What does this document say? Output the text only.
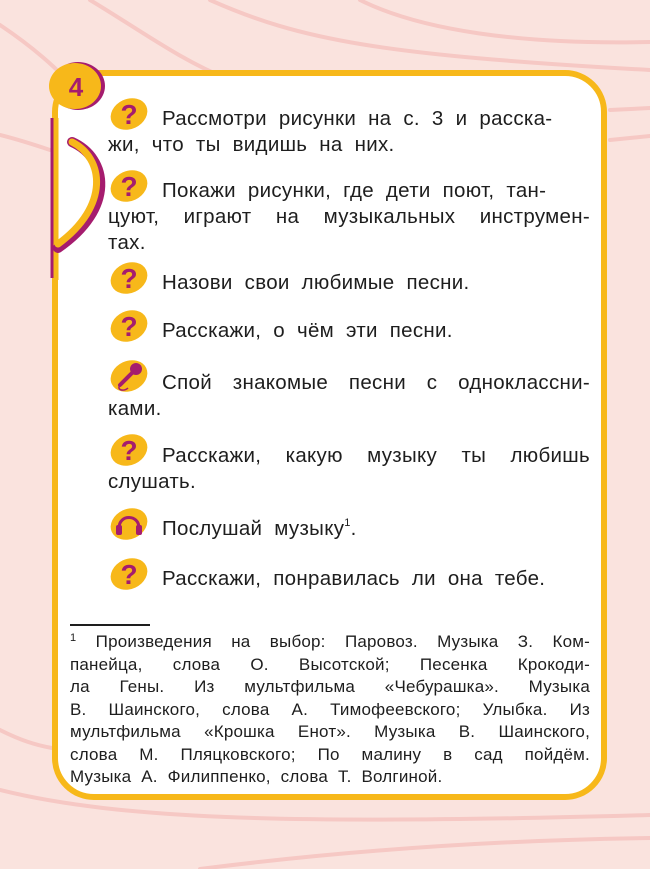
4
?	Рассмотри рисунки на с. 3 и расска-
жи, что ты видишь на них.
?	Покажи рисунки, где дети поют, тан-
цуют, играют на музыкальных инструмен-
тах.
?	Назови свои любимые песни.
?	Расскажи, о чём эти песни.
Спой знакомые песни с одноклассни-
ками.
?	Расскажи, какую музыку ты любишь
слушать.
Послушай музыку$^1$.
?	Расскажи, понравилась ли она тебе.
$^1$ Произведения на выбор: Паровоз. Музыка З. Ком-
панейца, слова О. Высотской; Песенка Крокоди-
ла Гены. Из мультфильма «Чебурашка». Музыка
В. Шаинского, слова А. Тимофеевского; Улыбка. Из
мультфильма «Крошка Енот». Музыка В. Шаинского,
слова М. Пляцковского; По малину в сад пойдём.
Музыка А. Филиппенко, слова Т. Волгиной.
